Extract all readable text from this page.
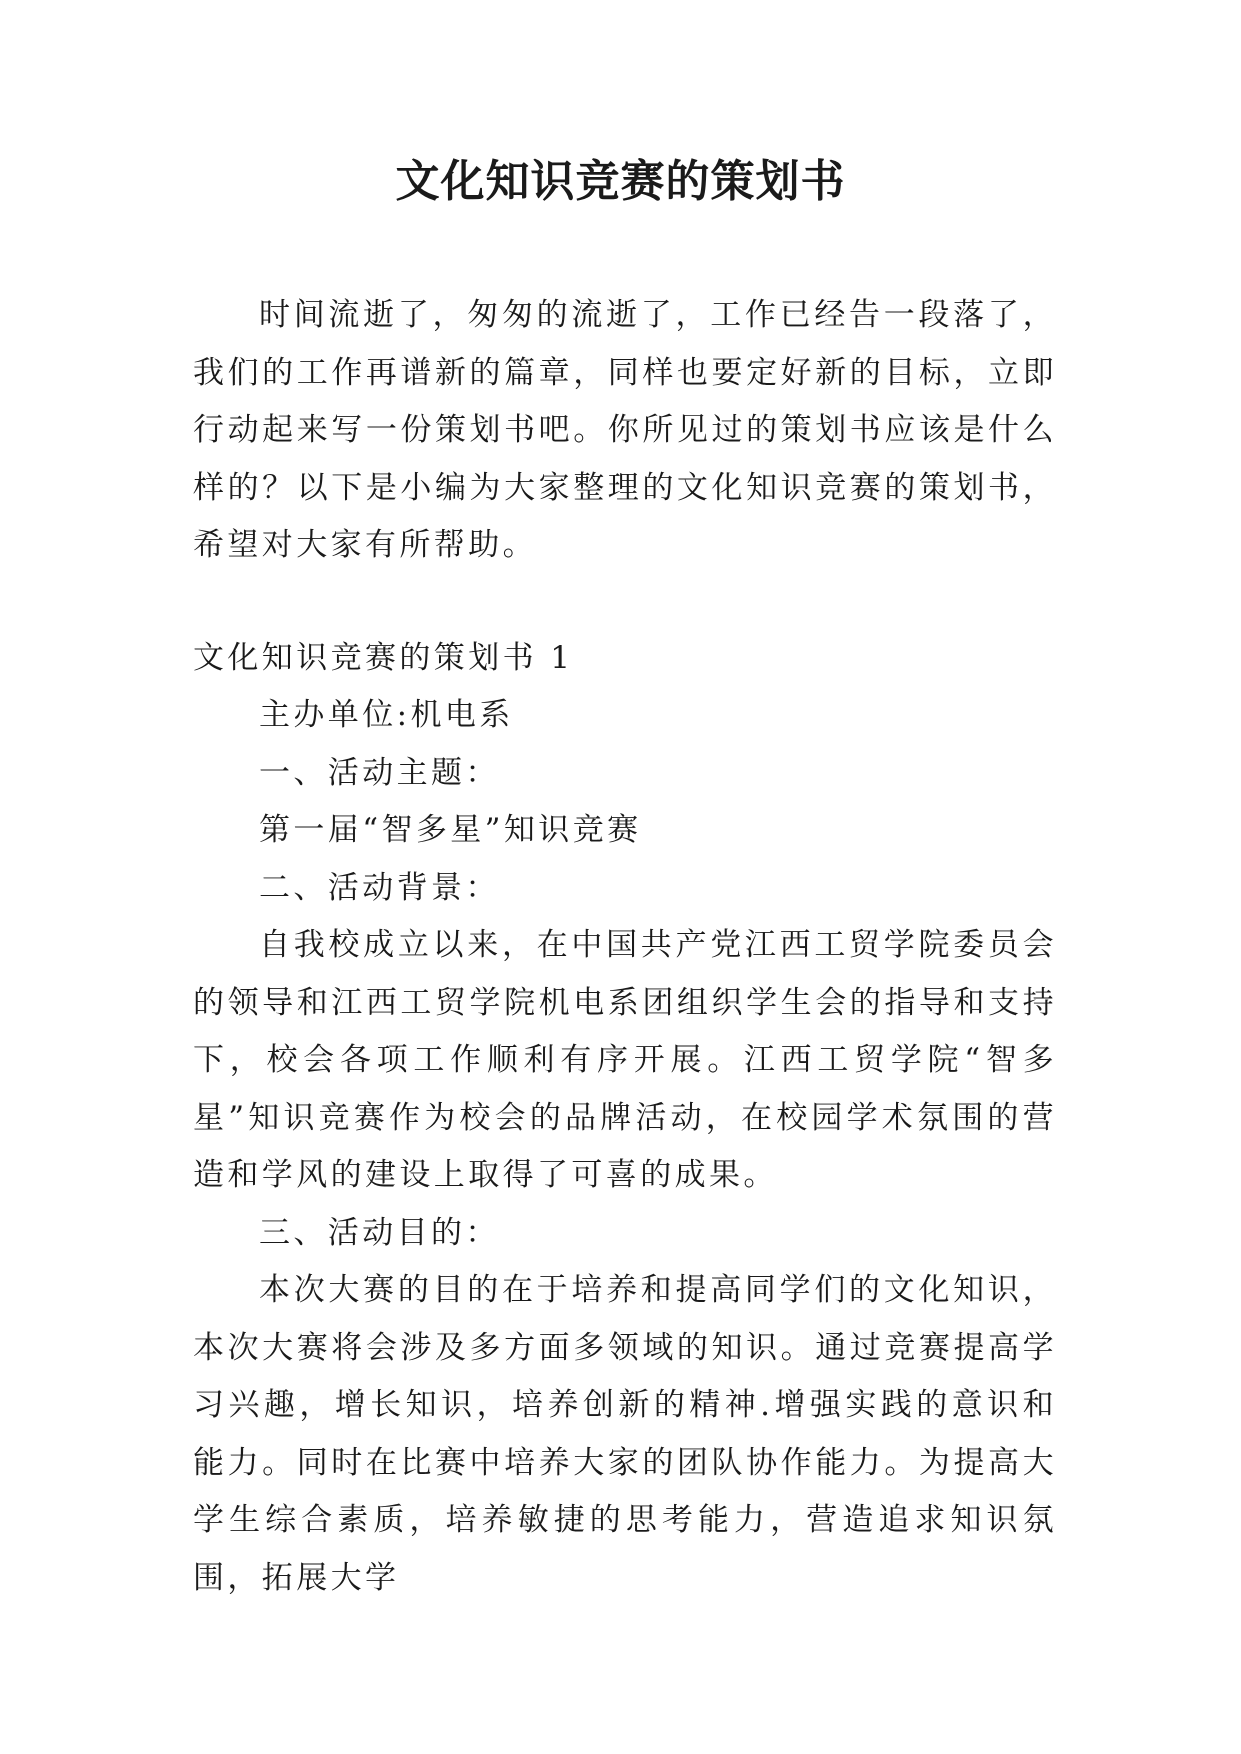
文化知识竞赛的策划书

时间流逝了，匆匆的流逝了，工作已经告一段落了，我们的工作再谱新的篇章，同样也要定好新的目标，立即行动起来写一份策划书吧。你所见过的策划书应该是什么样的？以下是小编为大家整理的文化知识竞赛的策划书，希望对大家有所帮助。

文化知识竞赛的策划书 1

主办单位:机电系

一、活动主题：

第一届“智多星”知识竞赛

二、活动背景：

自我校成立以来，在中国共产党江西工贸学院委员会的领导和江西工贸学院机电系团组织学生会的指导和支持下，校会各项工作顺利有序开展。江西工贸学院“智多星”知识竞赛作为校会的品牌活动，在校园学术氛围的营造和学风的建设上取得了可喜的成果。

三、活动目的：

本次大赛的目的在于培养和提高同学们的文化知识，本次大赛将会涉及多方面多领域的知识。通过竞赛提高学习兴趣，增长知识，培养创新的精神.增强实践的意识和能力。同时在比赛中培养大家的团队协作能力。为提高大学生综合素质，培养敏捷的思考能力，营造追求知识氛围，拓展大学
